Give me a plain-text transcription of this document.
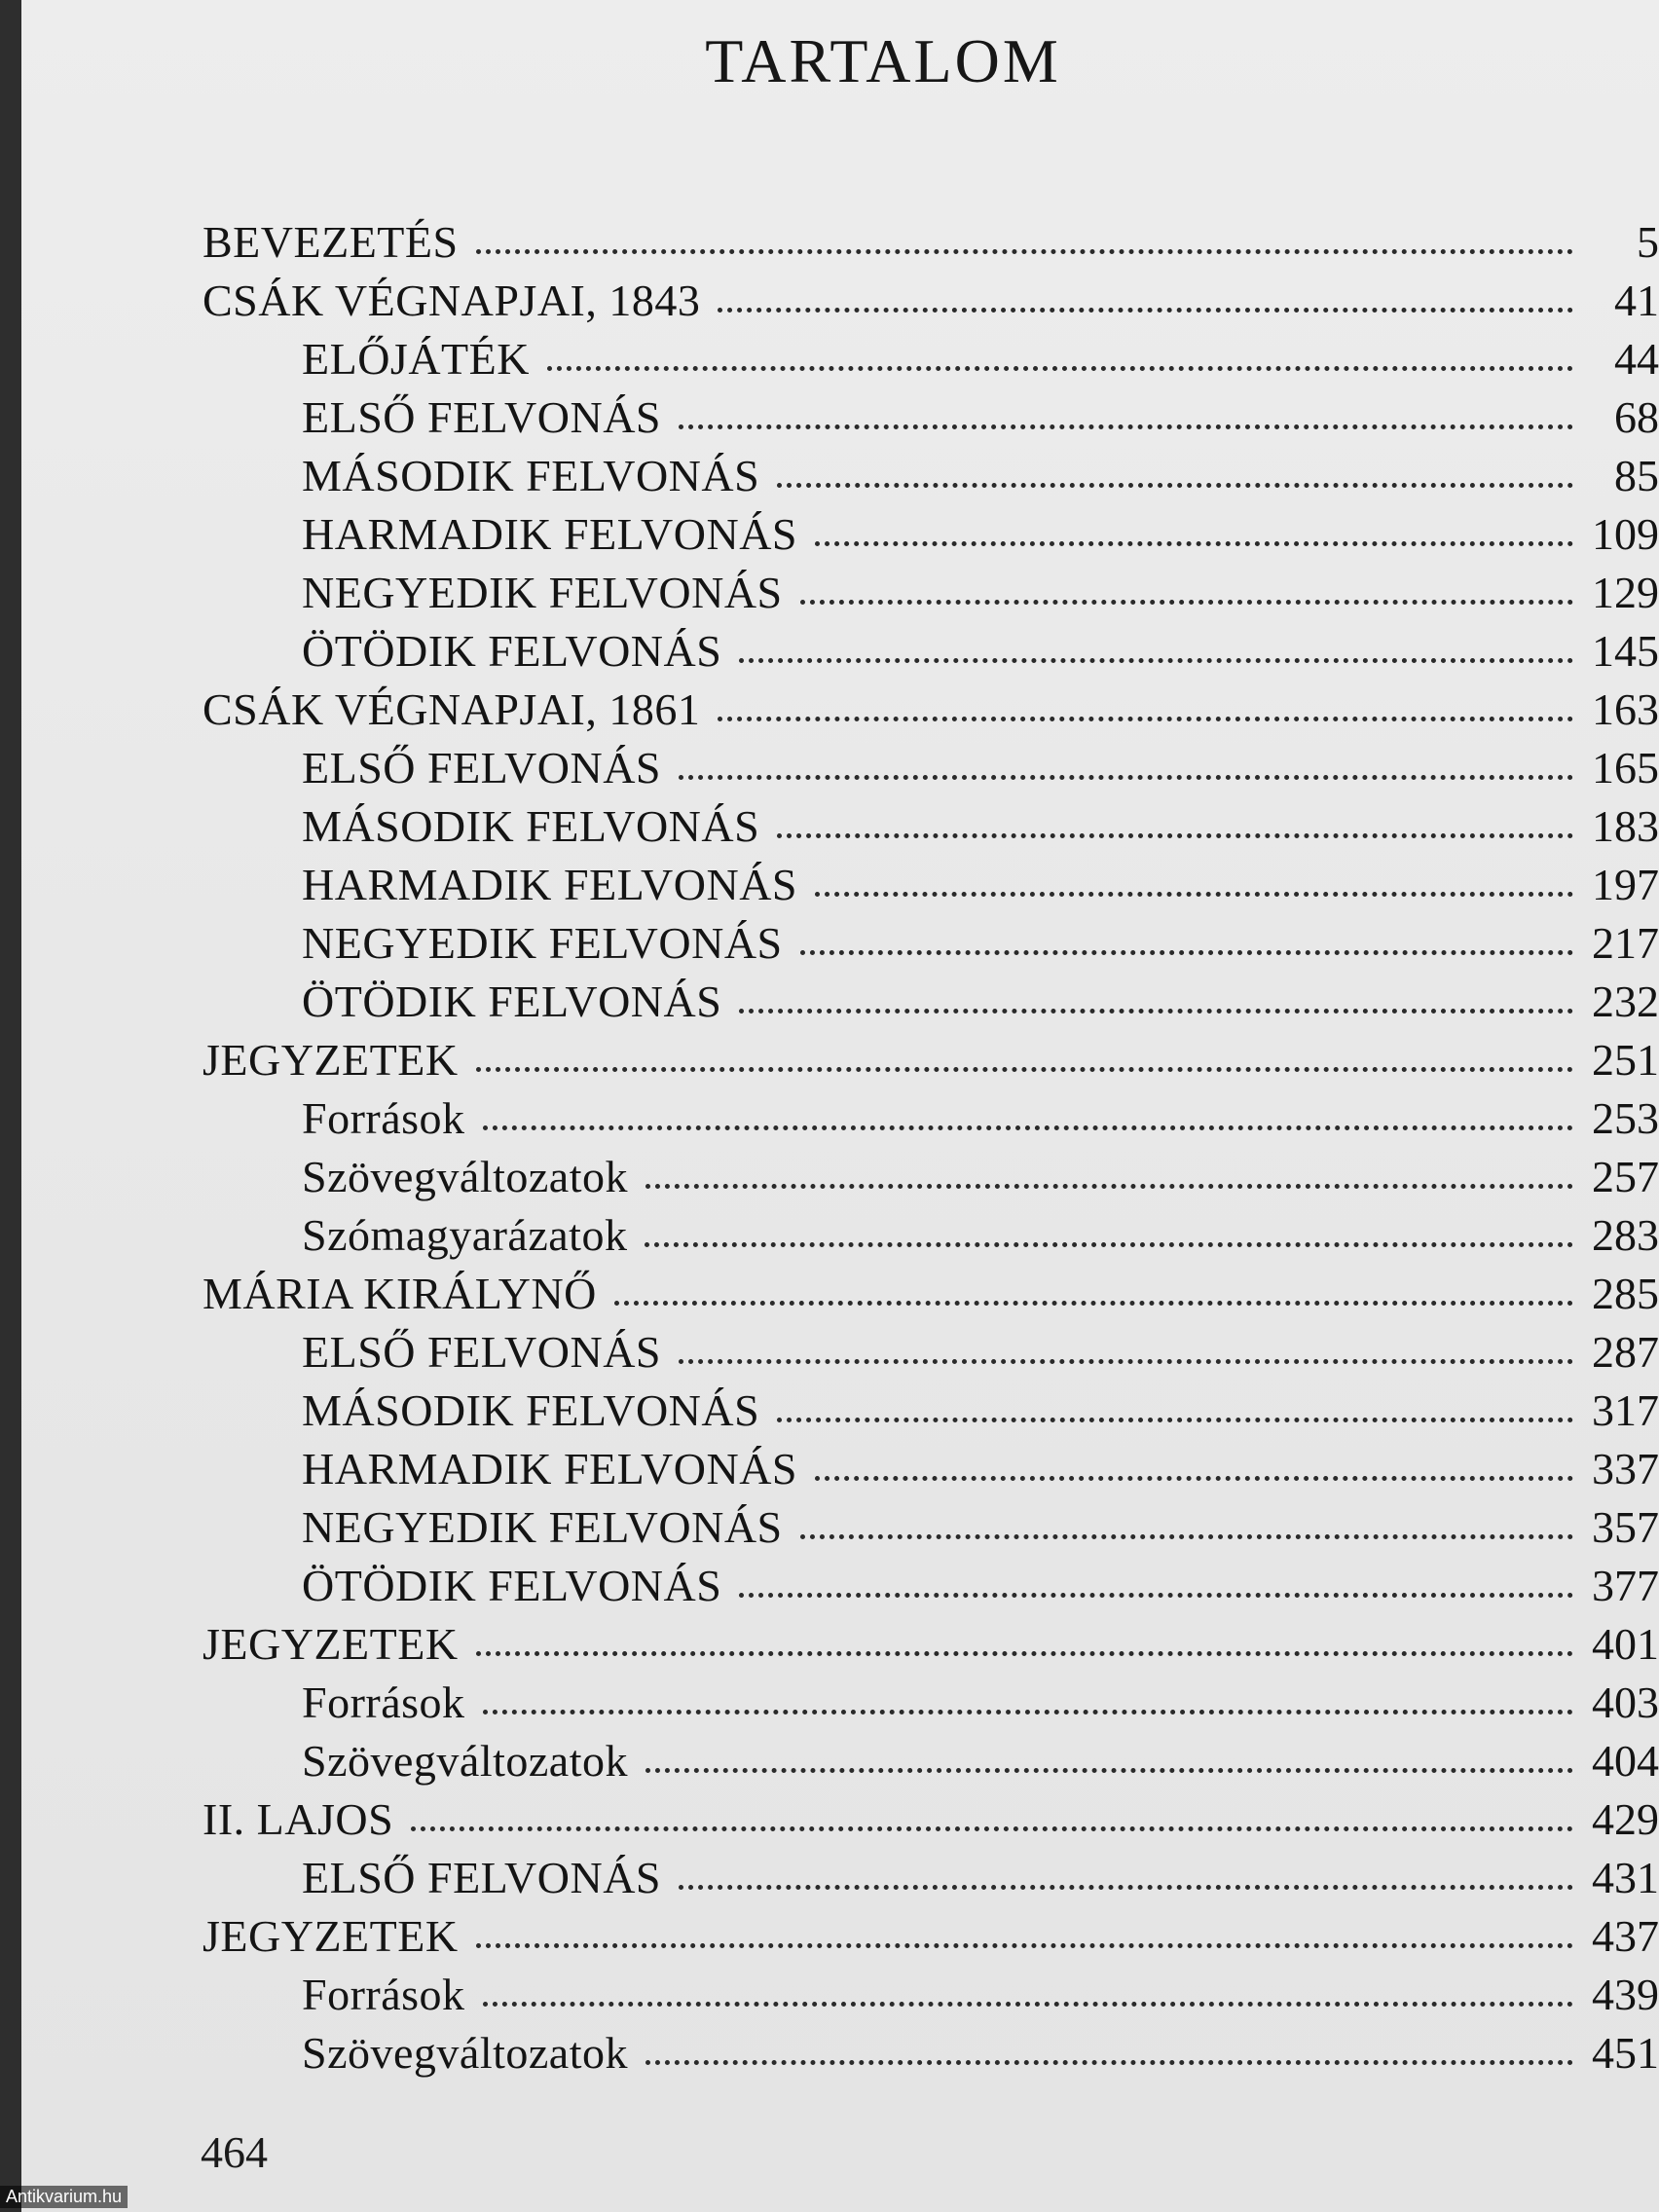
TARTALOM
BEVEZETÉS	5
CSÁK VÉGNAPJAI, 1843	41
ELŐJÁTÉK	44
ELSŐ FELVONÁS	68
MÁSODIK FELVONÁS	85
HARMADIK FELVONÁS	109
NEGYEDIK FELVONÁS	129
ÖTÖDIK FELVONÁS	145
CSÁK VÉGNAPJAI, 1861	163
ELSŐ FELVONÁS	165
MÁSODIK FELVONÁS	183
HARMADIK FELVONÁS	197
NEGYEDIK FELVONÁS	217
ÖTÖDIK FELVONÁS	232
JEGYZETEK	251
Források	253
Szövegváltozatok	257
Szómagyarázatok	283
MÁRIA KIRÁLYNŐ	285
ELSŐ FELVONÁS	287
MÁSODIK FELVONÁS	317
HARMADIK FELVONÁS	337
NEGYEDIK FELVONÁS	357
ÖTÖDIK FELVONÁS	377
JEGYZETEK	401
Források	403
Szövegváltozatok	404
II. LAJOS	429
ELSŐ FELVONÁS	431
JEGYZETEK	437
Források	439
Szövegváltozatok	451
464
Antikvarium.hu
